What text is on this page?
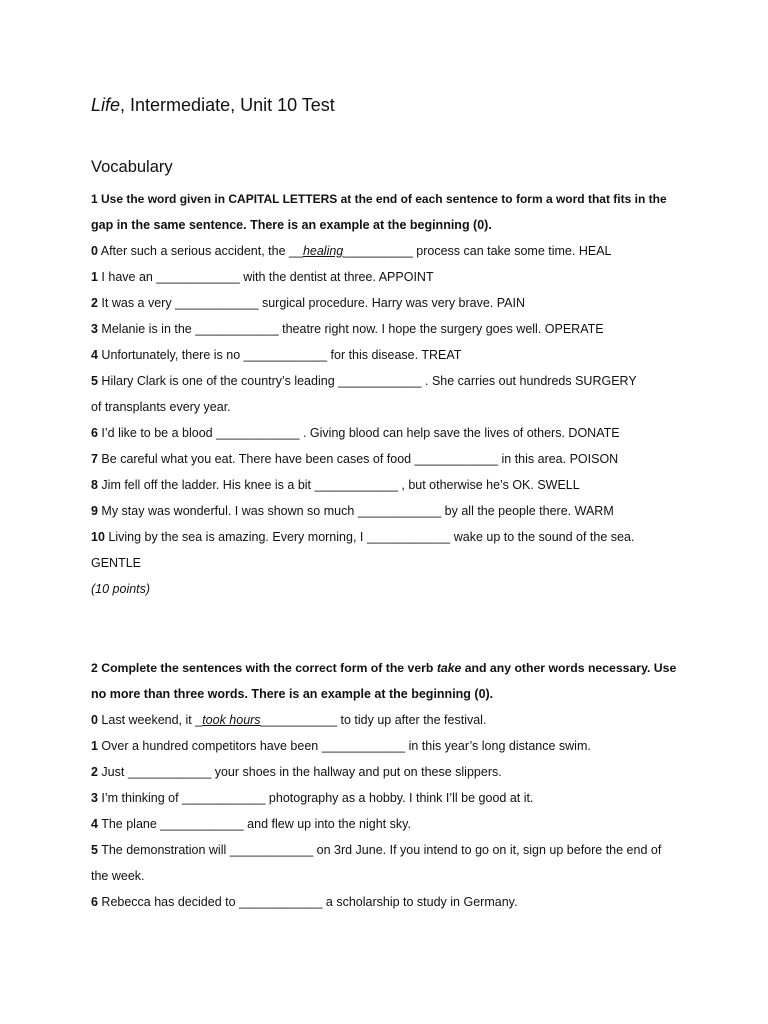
Life, Intermediate, Unit 10 Test
Vocabulary
1 Use the word given in CAPITAL LETTERS at the end of each sentence to form a word that fits in the
gap in the same sentence. There is an example at the beginning (0).
0 After such a serious accident, the __healing__________ process can take some time. HEAL
1 I have an ____________ with the dentist at three. APPOINT
2 It was a very ____________ surgical procedure. Harry was very brave. PAIN
3 Melanie is in the ____________ theatre right now. I hope the surgery goes well. OPERATE
4 Unfortunately, there is no ____________ for this disease. TREAT
5 Hilary Clark is one of the country’s leading ____________ . She carries out hundreds SURGERY
of transplants every year.
6 I’d like to be a blood ____________ . Giving blood can help save the lives of others. DONATE
7 Be careful what you eat. There have been cases of food ____________ in this area. POISON
8 Jim fell off the ladder. His knee is a bit ____________ , but otherwise he’s OK. SWELL
9 My stay was wonderful. I was shown so much ____________ by all the people there. WARM
10 Living by the sea is amazing. Every morning, I ____________ wake up to the sound of the sea.
GENTLE
(10 points)
2 Complete the sentences with the correct form of the verb take and any other words necessary. Use
no more than three words. There is an example at the beginning (0).
0 Last weekend, it _took hours___________ to tidy up after the festival.
1 Over a hundred competitors have been ____________ in this year’s long distance swim.
2 Just ____________ your shoes in the hallway and put on these slippers.
3 I’m thinking of ____________ photography as a hobby. I think I’ll be good at it.
4 The plane ____________ and flew up into the night sky.
5 The demonstration will ____________ on 3rd June. If you intend to go on it, sign up before the end of
the week.
6 Rebecca has decided to ____________ a scholarship to study in Germany.
